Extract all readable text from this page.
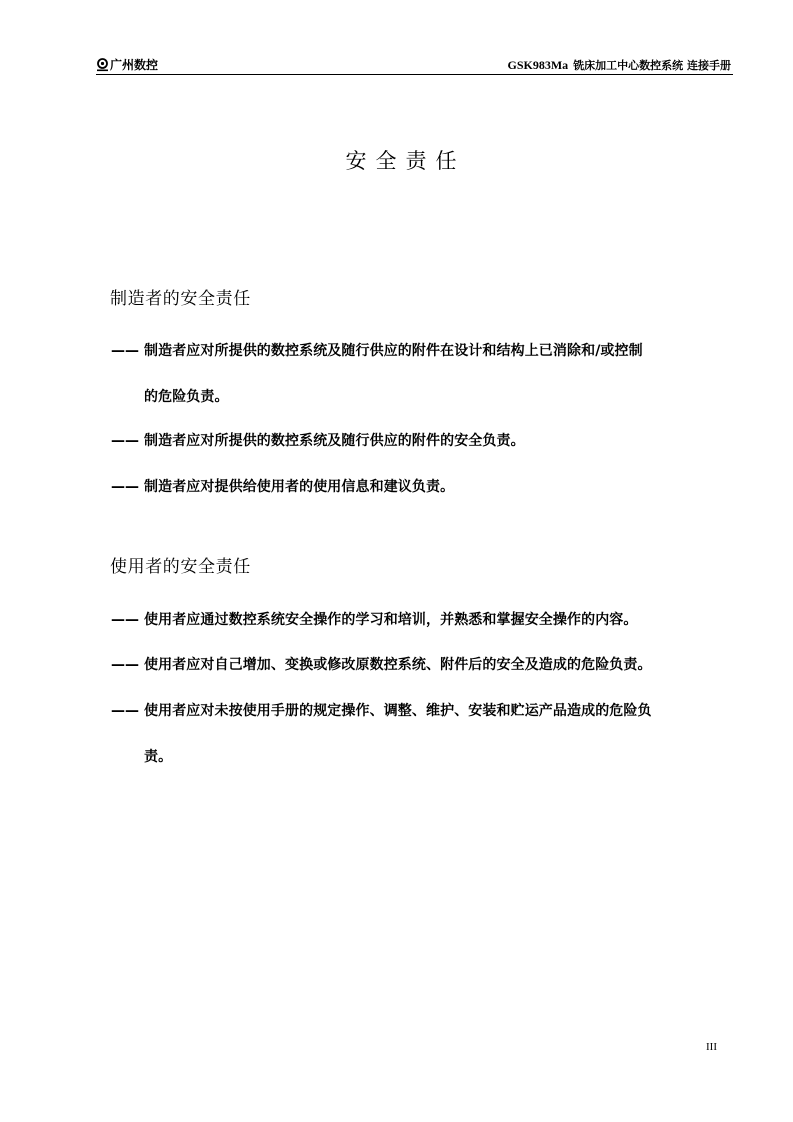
广州数控	GSK983Ma 铣床加工中心数控系统 连接手册
安全责任
制造者的安全责任
—— 制造者应对所提供的数控系统及随行供应的附件在设计和结构上已消除和/或控制
的危险负责。
—— 制造者应对所提供的数控系统及随行供应的附件的安全负责。
—— 制造者应对提供给使用者的使用信息和建议负责。
使用者的安全责任
—— 使用者应通过数控系统安全操作的学习和培训，并熟悉和掌握安全操作的内容。
—— 使用者应对自己增加、变换或修改原数控系统、附件后的安全及造成的危险负责。
—— 使用者应对未按使用手册的规定操作、调整、维护、安装和贮运产品造成的危险负
责。
III
